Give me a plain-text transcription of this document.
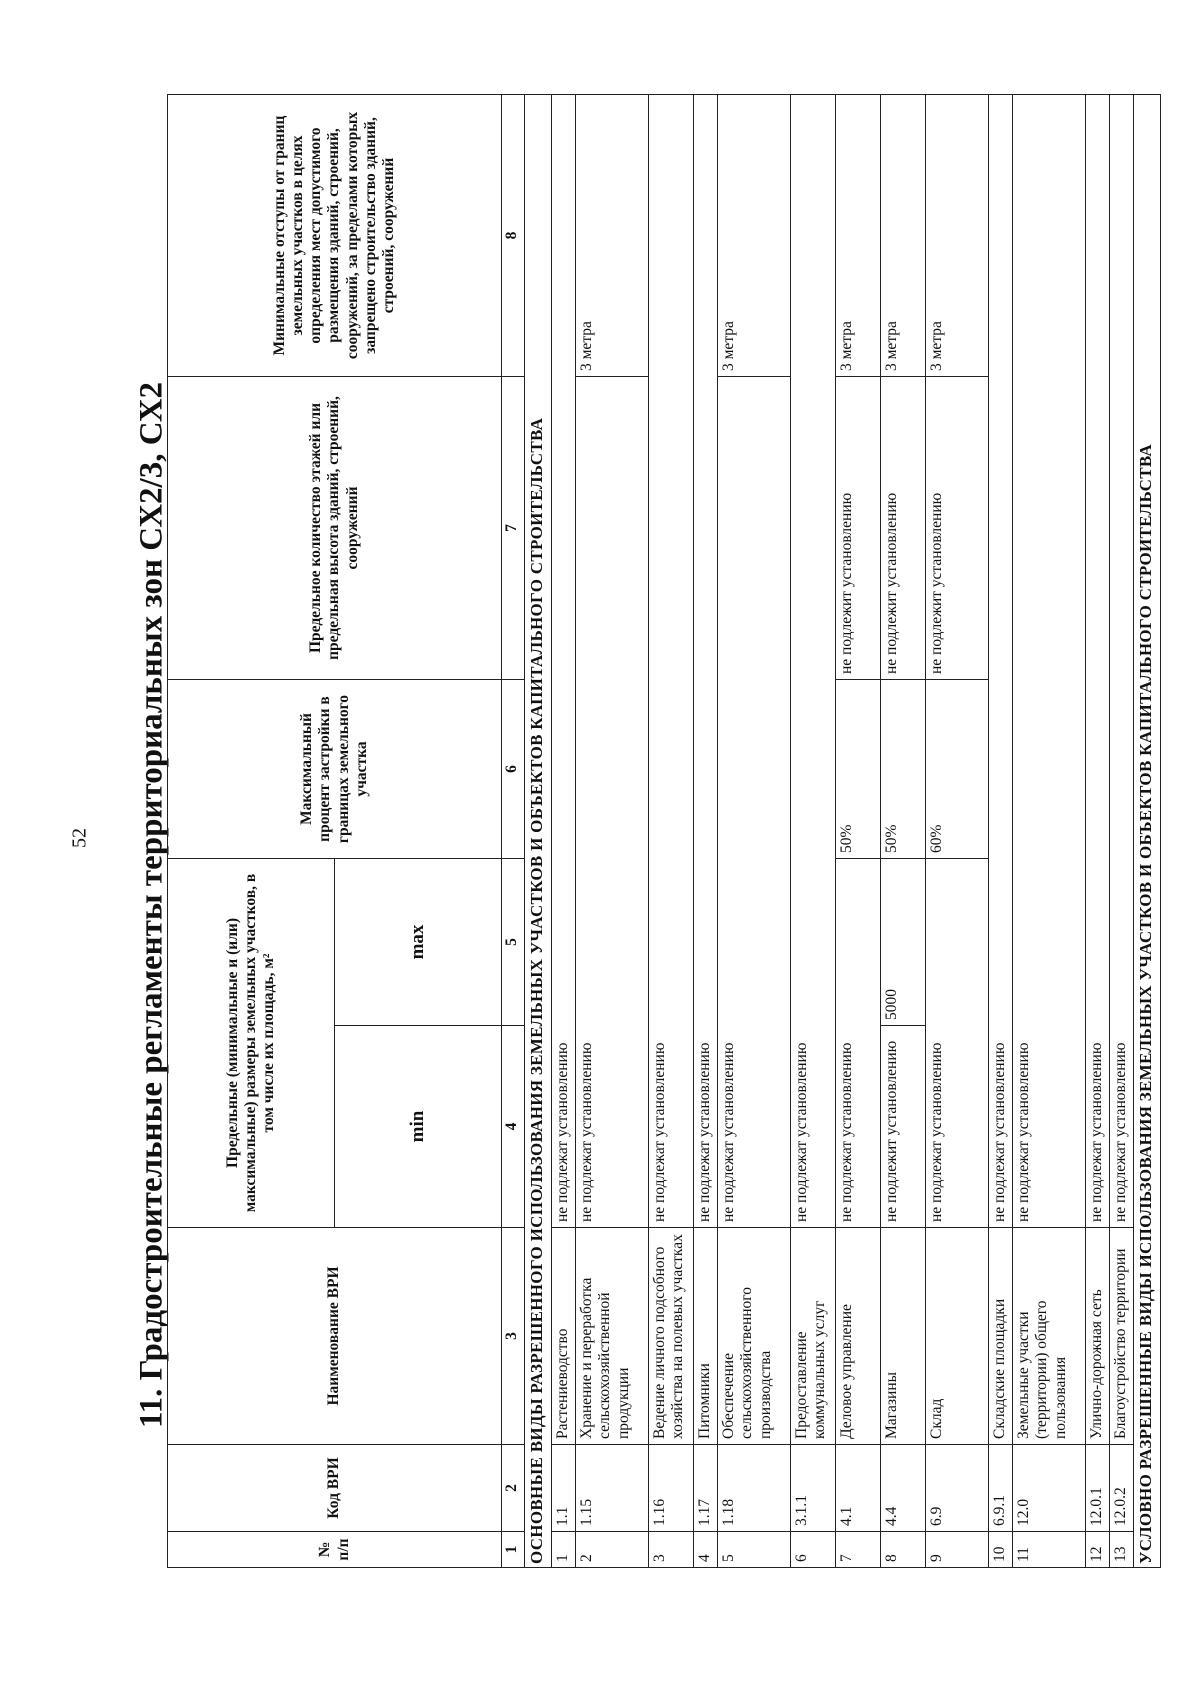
52 11. Градостроительные регламенты территориальных зон СХ2/3, СХ2
№ п/п	Код ВРИ	Наименование ВРИ	Предельные (минимальные и (или) максимальные) размеры земельных участков, в том числе их площадь, м²		Максимальный процент застройки в границах земельного участка	Предельное количество этажей или предельная высота зданий, строений, сооружений	Минимальные отступы от границ земельных участков в целях определения мест допустимого размещения зданий, строений, сооружений, за пределами которых запрещено строительство зданий, строений, сооружений
			min	max			
1	2	3	4	5	6	7	8
ОСНОВНЫЕ ВИДЫ РАЗРЕШЕННОГО ИСПОЛЬЗОВАНИЯ ЗЕМЕЛЬНЫХ УЧАСТКОВ И ОБЪЕКТОВ КАПИТАЛЬНОГО СТРОИТЕЛЬСТВА							
1	1.1	Растениеводство	не подлежат установлению				
2	1.15	Хранение и переработка сельскохозяйственной продукции	не подлежат установлению				3 метра
3	1.16	Ведение личного подсобного хозяйства на полевых участках	не подлежат установлению				
4	1.17	Питомники	не подлежат установлению				
5	1.18	Обеспечение сельскохозяйственного производства	не подлежат установлению				3 метра
6	3.1.1	Предоставление коммунальных услуг	не подлежат установлению				
7	4.1	Деловое управление	не подлежат установлению		50%	не подлежит установлению	3 метра
8	4.4	Магазины	не подлежит установлению	5000	50%	не подлежит установлению	3 метра
9	6.9	Склад	не подлежат установлению		60%	не подлежит установлению	3 метра
10	6.9.1	Складские площадки	не подлежат установлению				
11	12.0	Земельные участки (территории) общего пользования	не подлежат установлению				
12	12.0.1	Улично-дорожная сеть	не подлежат установлению				
13	12.0.2	Благоустройство территории	не подлежат установлению				
УСЛОВНО РАЗРЕШЕННЫЕ ВИДЫ ИСПОЛЬЗОВАНИЯ ЗЕМЕЛЬНЫХ УЧАСТКОВ И ОБЪЕКТОВ КАПИТАЛЬНОГО СТРОИТЕЛЬСТВА							
